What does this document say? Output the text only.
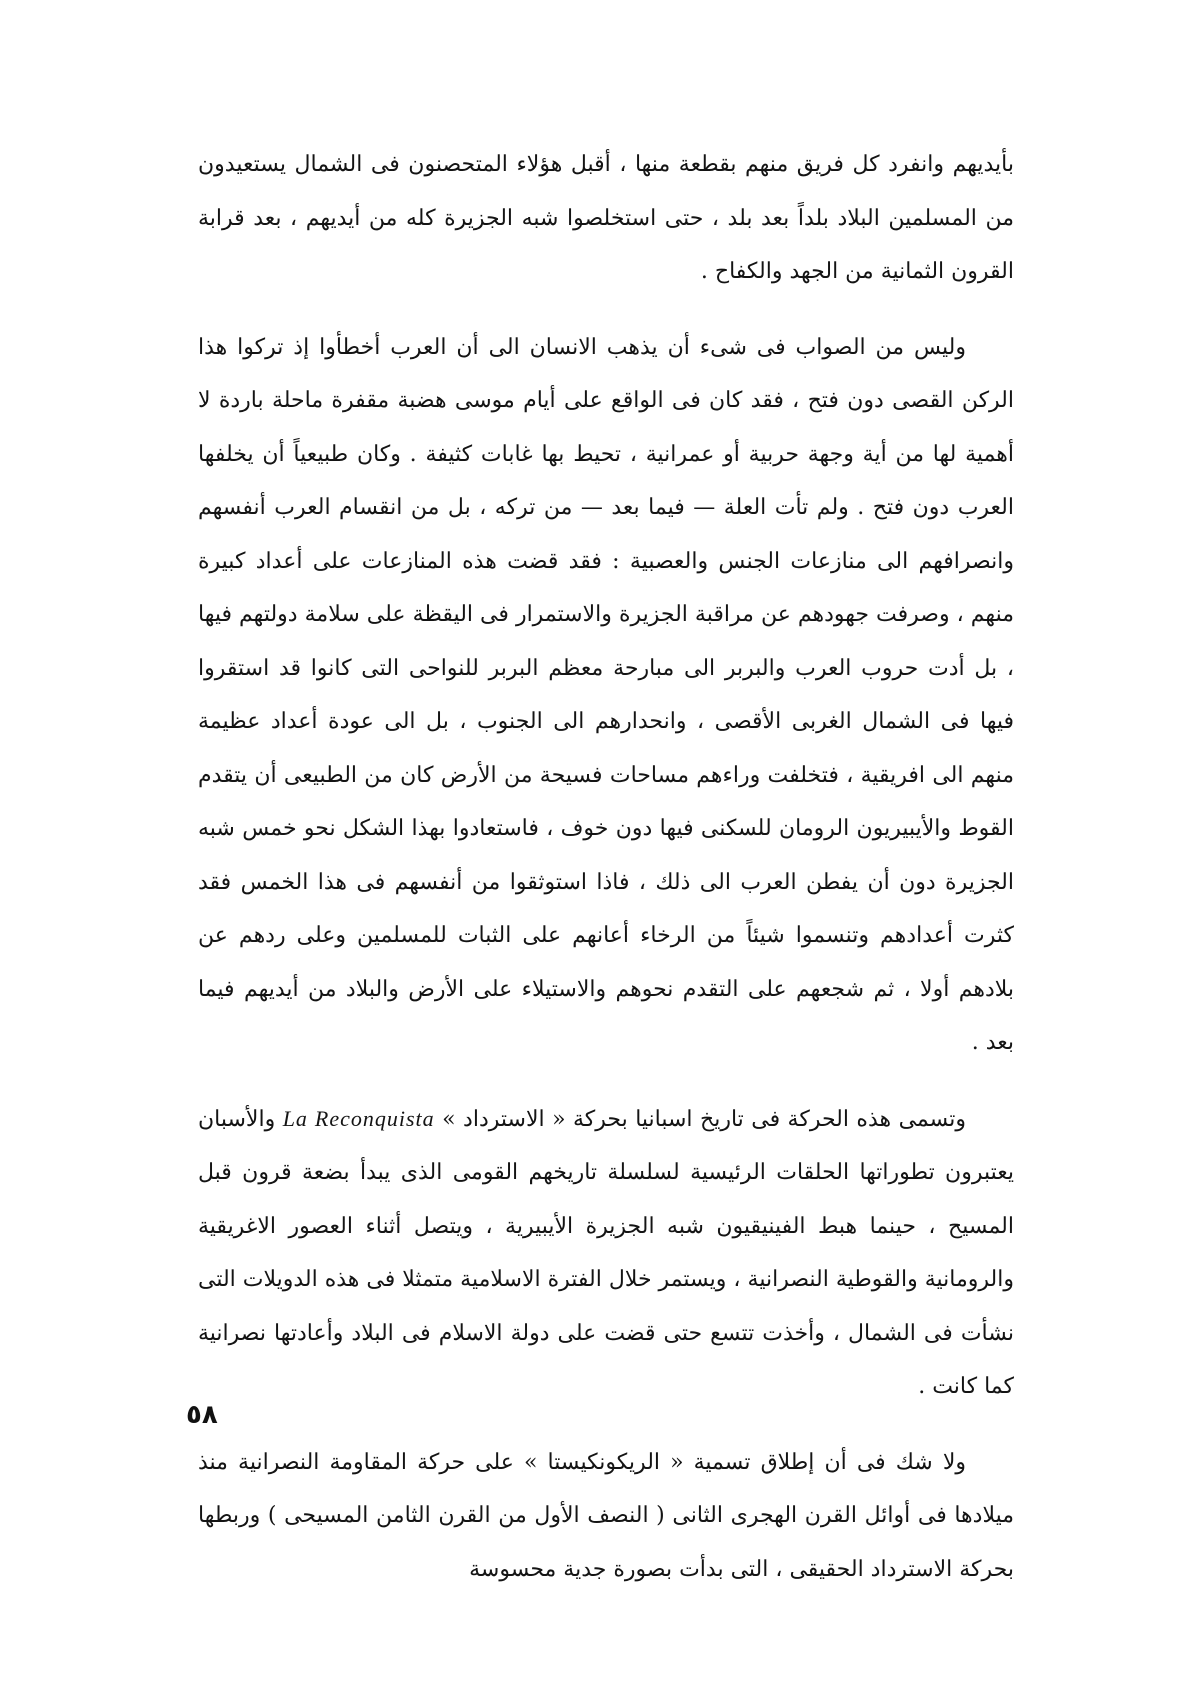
بأيديهم وانفرد كل فريق منهم بقطعة منها ، أقبل هؤلاء المتحصنون فى الشمال يستعيدون من المسلمين البلاد بلداً بعد بلد ، حتى استخلصوا شبه الجزيرة كله من أيديهم ، بعد قرابة القرون الثمانية من الجهد والكفاح .

وليس من الصواب فى شىء أن يذهب الانسان الى أن العرب أخطأوا إذ تركوا هذا الركن القصى دون فتح ، فقد كان فى الواقع على أيام موسى هضبة مقفرة ماحلة باردة لا أهمية لها من أية وجهة حربية أو عمرانية ، تحيط بها غابات كثيفة . وكان طبيعياً أن يخلفها العرب دون فتح . ولم تأت العلة — فيما بعد — من تركه ، بل من انقسام العرب أنفسهم وانصرافهم الى منازعات الجنس والعصبية : فقد قضت هذه المنازعات على أعداد كبيرة منهم ، وصرفت جهودهم عن مراقبة الجزيرة والاستمرار فى اليقظة على سلامة دولتهم فيها ، بل أدت حروب العرب والبربر الى مبارحة معظم البربر للنواحى التى كانوا قد استقروا فيها فى الشمال الغربى الأقصى ، وانحدارهم الى الجنوب ، بل الى عودة أعداد عظيمة منهم الى افريقية ، فتخلفت وراءهم مساحات فسيحة من الأرض كان من الطبيعى أن يتقدم القوط والأيبيريون الرومان للسكنى فيها دون خوف ، فاستعادوا بهذا الشكل نحو خمس شبه الجزيرة دون أن يفطن العرب الى ذلك ، فاذا استوثقوا من أنفسهم فى هذا الخمس فقد كثرت أعدادهم وتنسموا شيئاً من الرخاء أعانهم على الثبات للمسلمين وعلى ردهم عن بلادهم أولا ، ثم شجعهم على التقدم نحوهم والاستيلاء على الأرض والبلاد من أيديهم فيما بعد .

وتسمى هذه الحركة فى تاريخ اسبانيا بحركة « الاسترداد » La Reconquista والأسبان يعتبرون تطوراتها الحلقات الرئيسية لسلسلة تاريخهم القومى الذى يبدأ بضعة قرون قبل المسيح ، حينما هبط الفينيقيون شبه الجزيرة الأيبيرية ، ويتصل أثناء العصور الاغريقية والرومانية والقوطية النصرانية ، ويستمر خلال الفترة الاسلامية متمثلا فى هذه الدويلات التى نشأت فى الشمال ، وأخذت تتسع حتى قضت على دولة الاسلام فى البلاد وأعادتها نصرانية كما كانت .

ولا شك فى أن إطلاق تسمية « الريكونكيستا » على حركة المقاومة النصرانية منذ ميلادها فى أوائل القرن الهجرى الثانى ( النصف الأول من القرن الثامن المسيحى ) وربطها بحركة الاسترداد الحقيقى ، التى بدأت بصورة جدية محسوسة

٥٨
